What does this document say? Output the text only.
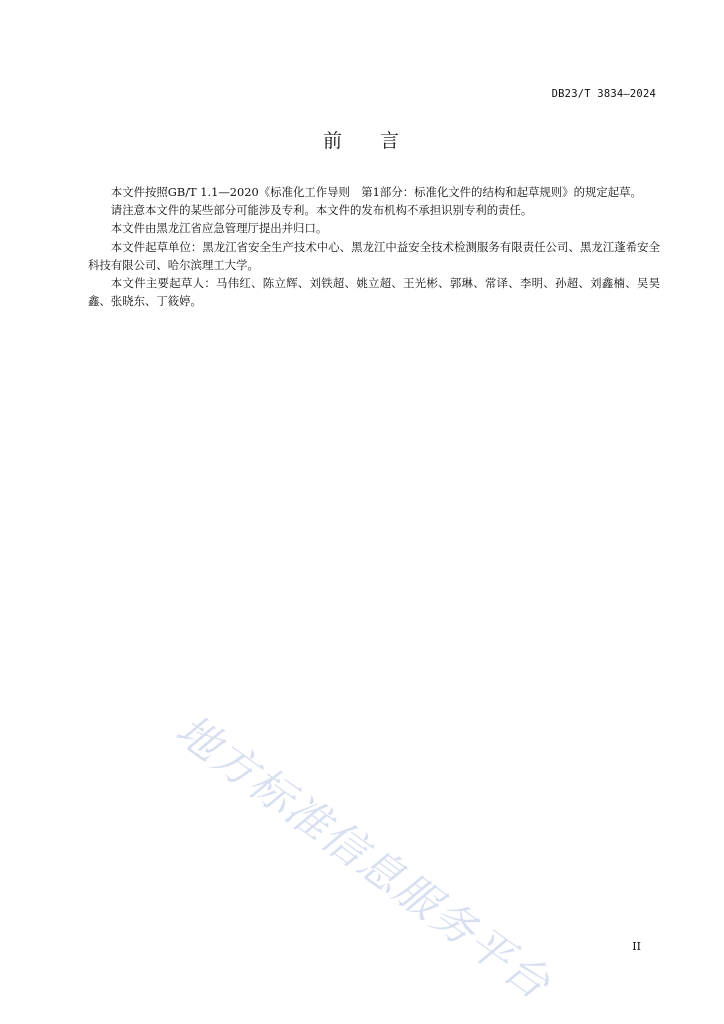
DB23/T 3834—2024
前 言

本文件按照GB/T 1.1—2020《标准化工作导则　第1部分：标准化文件的结构和起草规则》的规定起草。

请注意本文件的某些部分可能涉及专利。本文件的发布机构不承担识别专利的责任。

本文件由黑龙江省应急管理厅提出并归口。

本文件起草单位：黑龙江省安全生产技术中心、黑龙江中益安全技术检测服务有限责任公司、黑龙江蓬希安全科技有限公司、哈尔滨理工大学。

本文件主要起草人：马伟红、陈立辉、刘铁超、姚立超、王光彬、郭琳、常译、李明、孙超、刘鑫楠、吴昊鑫、张晓东、丁筱婷。

地方标准信息服务平台	II
